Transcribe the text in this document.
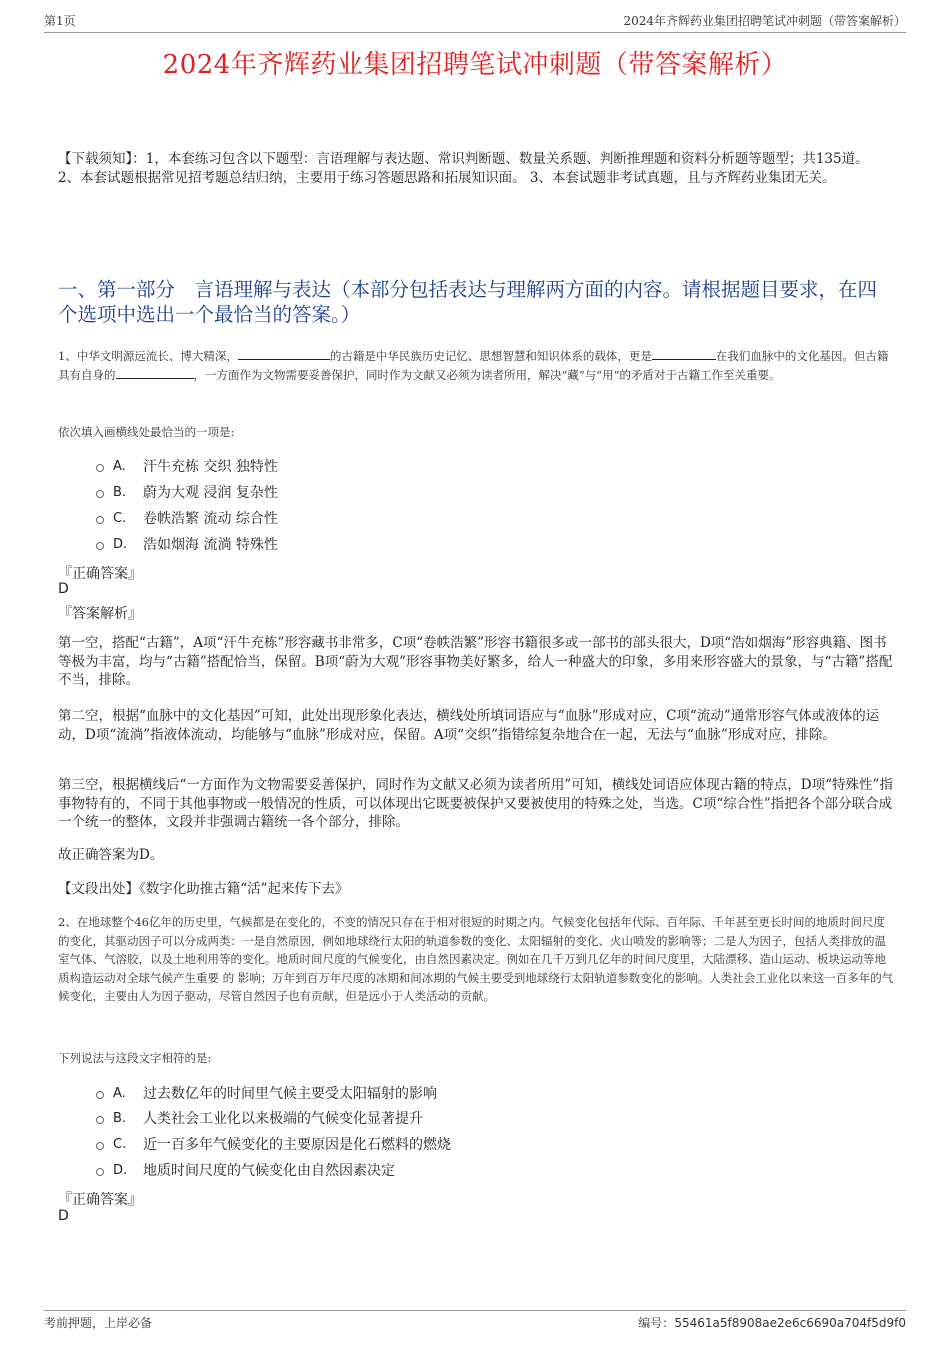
第1页	2024年齐辉药业集团招聘笔试冲刺题（带答案解析）
2024年齐辉药业集团招聘笔试冲刺题（带答案解析）
【下载须知】：1，本套练习包含以下题型：言语理解与表达题、常识判断题、数量关系题、判断推理题和资料分析题等题型；共135道。 2、本套试题根据常见招考题总结归纳，主要用于练习答题思路和拓展知识面。 3、本套试题非考试真题，且与齐辉药业集团无关。
一、第一部分　言语理解与表达（本部分包括表达与理解两方面的内容。请根据题目要求，在四个选项中选出一个最恰当的答案。）
1、中华文明源远流长、博大精深，	的古籍是中华民族历史记忆、思想智慧和知识体系的载体，更是	在我们血脉中的文化基因。但古籍具有自身的	，一方面作为文物需要妥善保护，同时作为文献又必须为读者所用，解决“藏”与“用”的矛盾对于古籍工作至关重要。
依次填入画横线处最恰当的一项是:
A.	汗牛充栋 交织 独特性
B.	蔚为大观 浸润 复杂性
C.	卷帙浩繁 流动 综合性
D.	浩如烟海 流淌 特殊性
『正确答案』
D
『答案解析』
第一空，搭配“古籍”，A项“汗牛充栋”形容藏书非常多，C项“卷帙浩繁”形容书籍很多或一部书的部头很大，D项“浩如烟海”形容典籍、图书等极为丰富，均与“古籍”搭配恰当，保留。B项“蔚为大观”形容事物美好繁多，给人一种盛大的印象，多用来形容盛大的景象，与“古籍”搭配不当，排除。
第二空，根据“血脉中的文化基因”可知，此处出现形象化表达，横线处所填词语应与“血脉”形成对应，C项“流动”通常形容气体或液体的运动，D项“流淌”指液体流动，均能够与“血脉”形成对应，保留。A项“交织”指错综复杂地合在一起，无法与“血脉”形成对应，排除。
第三空，根据横线后“一方面作为文物需要妥善保护，同时作为文献又必须为读者所用”可知，横线处词语应体现古籍的特点，D项“特殊性”指事物特有的，不同于其他事物或一般情况的性质，可以体现出它既要被保护又要被使用的特殊之处，当选。C项“综合性”指把各个部分联合成一个统一的整体，文段并非强调古籍统一各个部分，排除。
故正确答案为D。
【文段出处】《数字化助推古籍“活”起来传下去》
2、在地球整个46亿年的历史里，气候都是在变化的，不变的情况只存在于相对很短的时期之内。气候变化包括年代际、百年际、千年甚至更长时间的地质时间尺度的变化，其驱动因子可以分成两类：一是自然原因，例如地球绕行太阳的轨道参数的变化、太阳辐射的变化、火山喷发的影响等；二是人为因子，包括人类排放的温室气体、气溶胶，以及土地利用等的变化。地质时间尺度的气候变化，由自然因素决定。例如在几千万到几亿年的时间尺度里，大陆漂移、造山运动、板块运动等地质构造运动对全球气候产生重要 的 影响；万年到百万年尺度的冰期和间冰期的气候主要受到地球绕行太阳轨道参数变化的影响。人类社会工业化以来这一百多年的气候变化，主要由人为因子驱动，尽管自然因子也有贡献，但是远小于人类活动的贡献。
下列说法与这段文字相符的是:
A.	过去数亿年的时间里气候主要受太阳辐射的影响
B.	人类社会工业化以来极端的气候变化显著提升
C.	近一百多年气候变化的主要原因是化石燃料的燃烧
D.	地质时间尺度的气候变化由自然因素决定
『正确答案』
D
考前押题，上岸必备	编号：55461a5f8908ae2e6c6690a704f5d9f0
